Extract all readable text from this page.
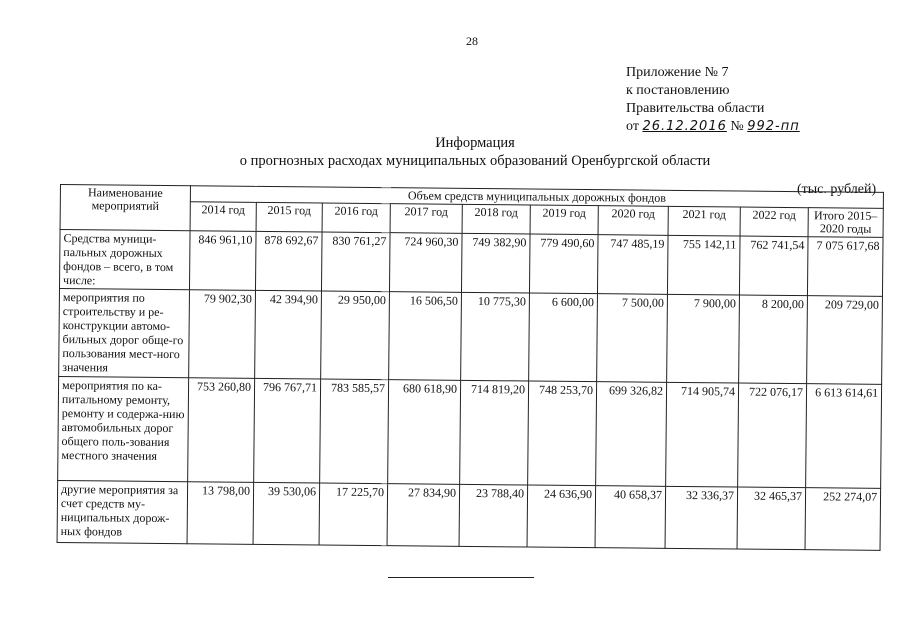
28
Приложение № 7
к постановлению
Правительства области
от 26.12.2016 № 992-пп
Информация
о прогнозных расходах муниципальных образований Оренбургской области
(тыс. рублей)
Наименование мероприятий	Объем средств муниципальных дорожных фондов									
	2014 год	2015 год	2016 год	2017 год	2018 год	2019 год	2020 год	2021 год	2022 год	Итого 2015– 2020 годы
Средства муници-пальных дорожных фондов – всего, в том числе:	846 961,10	878 692,67	830 761,27	724 960,30	749 382,90	779 490,60	747 485,19	755 142,11	762 741,54	7 075 617,68
мероприятия по строительству и ре-конструкции автомо-бильных дорог обще-го пользования мест-ного значения	79 902,30	42 394,90	29 950,00	16 506,50	10 775,30	6 600,00	7 500,00	7 900,00	8 200,00	209 729,00
мероприятия по ка-питальному ремонту, ремонту и содержа-нию автомобильных дорог общего поль-зования местного значения	753 260,80	796 767,71	783 585,57	680 618,90	714 819,20	748 253,70	699 326,82	714 905,74	722 076,17	6 613 614,61
другие мероприятия за счет средств му-ниципальных дорож-ных фондов	13 798,00	39 530,06	17 225,70	27 834,90	23 788,40	24 636,90	40 658,37	32 336,37	32 465,37	252 274,07
